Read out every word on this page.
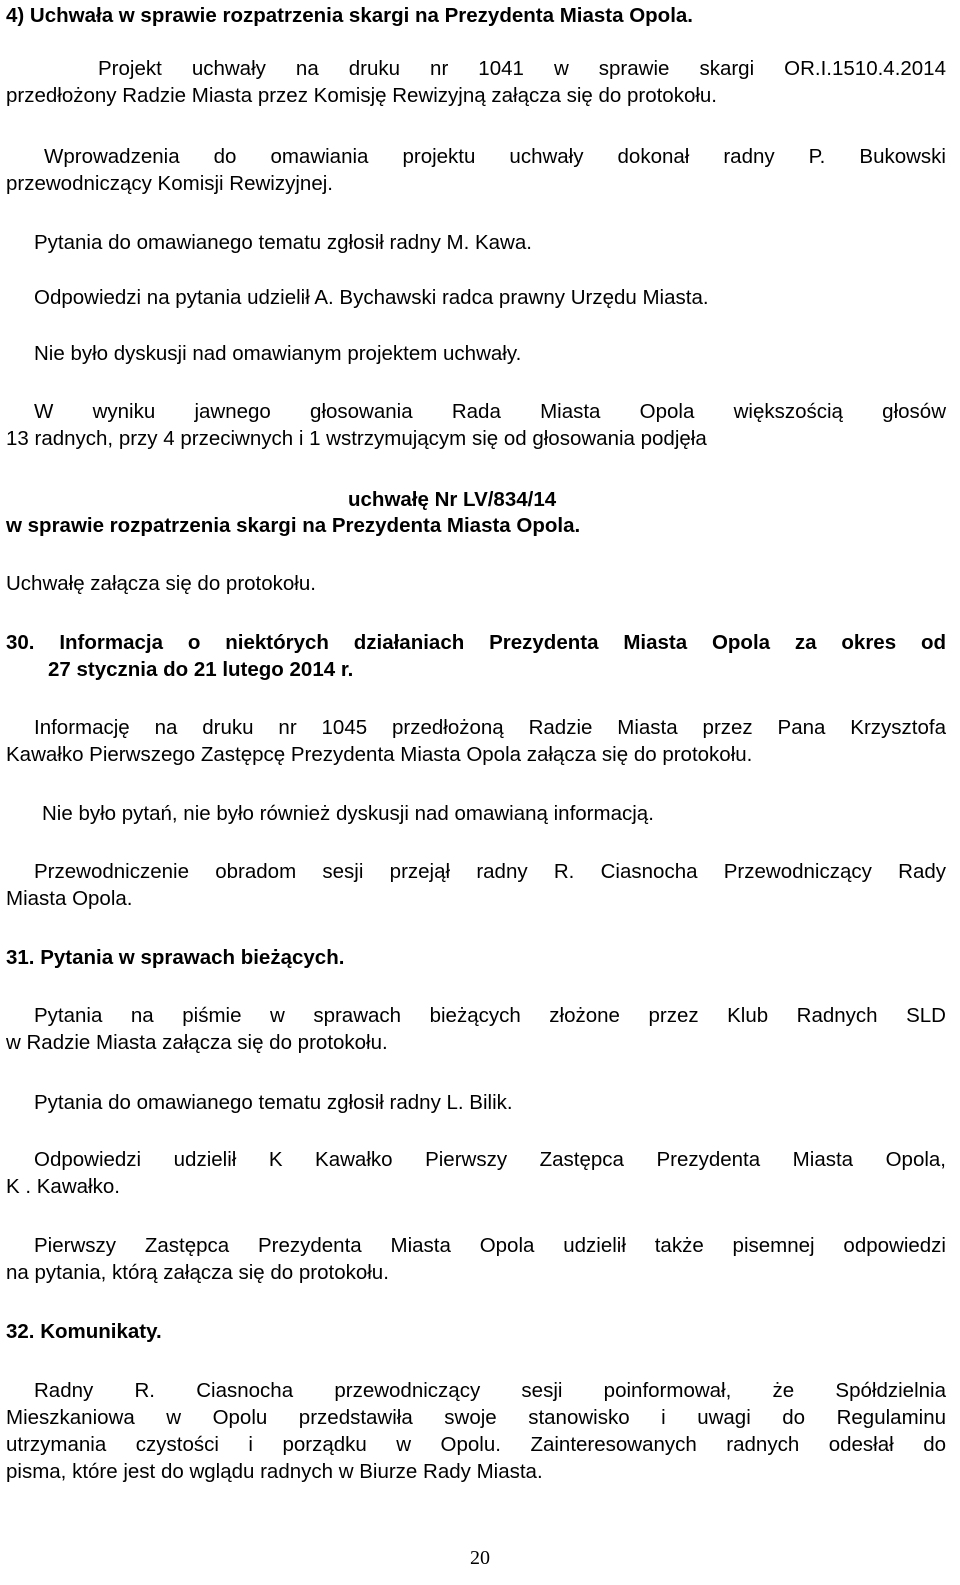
4) Uchwała w sprawie rozpatrzenia skargi na Prezydenta Miasta Opola.
Projekt uchwały na druku nr 1041 w sprawie skargi OR.I.1510.4.2014
przedłożony Radzie Miasta przez Komisję Rewizyjną załącza się do protokołu.
Wprowadzenia do omawiania projektu uchwały dokonał radny P. Bukowski
przewodniczący Komisji Rewizyjnej.
Pytania do omawianego tematu zgłosił radny M. Kawa.
Odpowiedzi na pytania udzielił A. Bychawski radca prawny Urzędu Miasta.
Nie było dyskusji nad omawianym projektem uchwały.
W wyniku jawnego głosowania Rada Miasta Opola większością głosów
13 radnych, przy 4 przeciwnych i 1 wstrzymującym się od głosowania podjęła
uchwałę Nr LV/834/14
w sprawie rozpatrzenia skargi na Prezydenta Miasta Opola.
Uchwałę załącza się do protokołu.
30. Informacja o niektórych działaniach Prezydenta Miasta Opola za okres od
27 stycznia do 21 lutego 2014 r.
Informację na druku nr 1045 przedłożoną Radzie Miasta przez Pana Krzysztofa
Kawałko Pierwszego Zastępcę Prezydenta Miasta Opola załącza się do protokołu.
Nie było pytań, nie było również dyskusji nad omawianą informacją.
Przewodniczenie obradom sesji przejął radny R. Ciasnocha Przewodniczący Rady
Miasta Opola.
31. Pytania w sprawach bieżących.
Pytania na piśmie w sprawach bieżących złożone przez Klub Radnych SLD
w Radzie Miasta załącza się do protokołu.
Pytania do omawianego tematu zgłosił radny L. Bilik.
Odpowiedzi udzielił K Kawałko Pierwszy Zastępca Prezydenta Miasta Opola,
K . Kawałko.
Pierwszy Zastępca Prezydenta Miasta Opola udzielił także pisemnej odpowiedzi
na pytania, którą załącza się do protokołu.
32. Komunikaty.
Radny R. Ciasnocha przewodniczący sesji poinformował, że Spółdzielnia
Mieszkaniowa w Opolu przedstawiła swoje stanowisko i uwagi do Regulaminu
utrzymania czystości i porządku w Opolu. Zainteresowanych radnych odesłał do
pisma, które jest do wglądu radnych w Biurze Rady Miasta.
20
